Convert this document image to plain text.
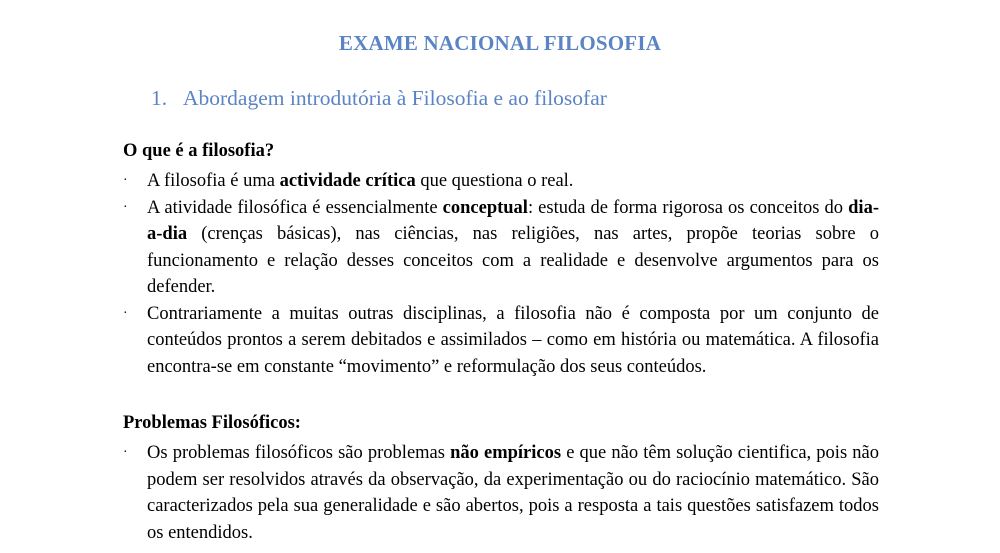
EXAME NACIONAL FILOSOFIA
1. Abordagem introdutória à Filosofia e ao filosofar
O que é a filosofia?
· A filosofia é uma actividade crítica que questiona o real.
· A atividade filosófica é essencialmente conceptual: estuda de forma rigorosa os conceitos do dia-a-dia (crenças básicas), nas ciências, nas religiões, nas artes, propõe teorias sobre o funcionamento e relação desses conceitos com a realidade e desenvolve argumentos para os defender.
· Contrariamente a muitas outras disciplinas, a filosofia não é composta por um conjunto de conteúdos prontos a serem debitados e assimilados – como em história ou matemática. A filosofia encontra-se em constante “movimento” e reformulação dos seus conteúdos.
Problemas Filosóficos:
· Os problemas filosóficos são problemas não empíricos e que não têm solução cientifica, pois não podem ser resolvidos através da observação, da experimentação ou do raciocínio matemático. São caracterizados pela sua generalidade e são abertos, pois a resposta a tais questões satisfazem todos os entendidos.
